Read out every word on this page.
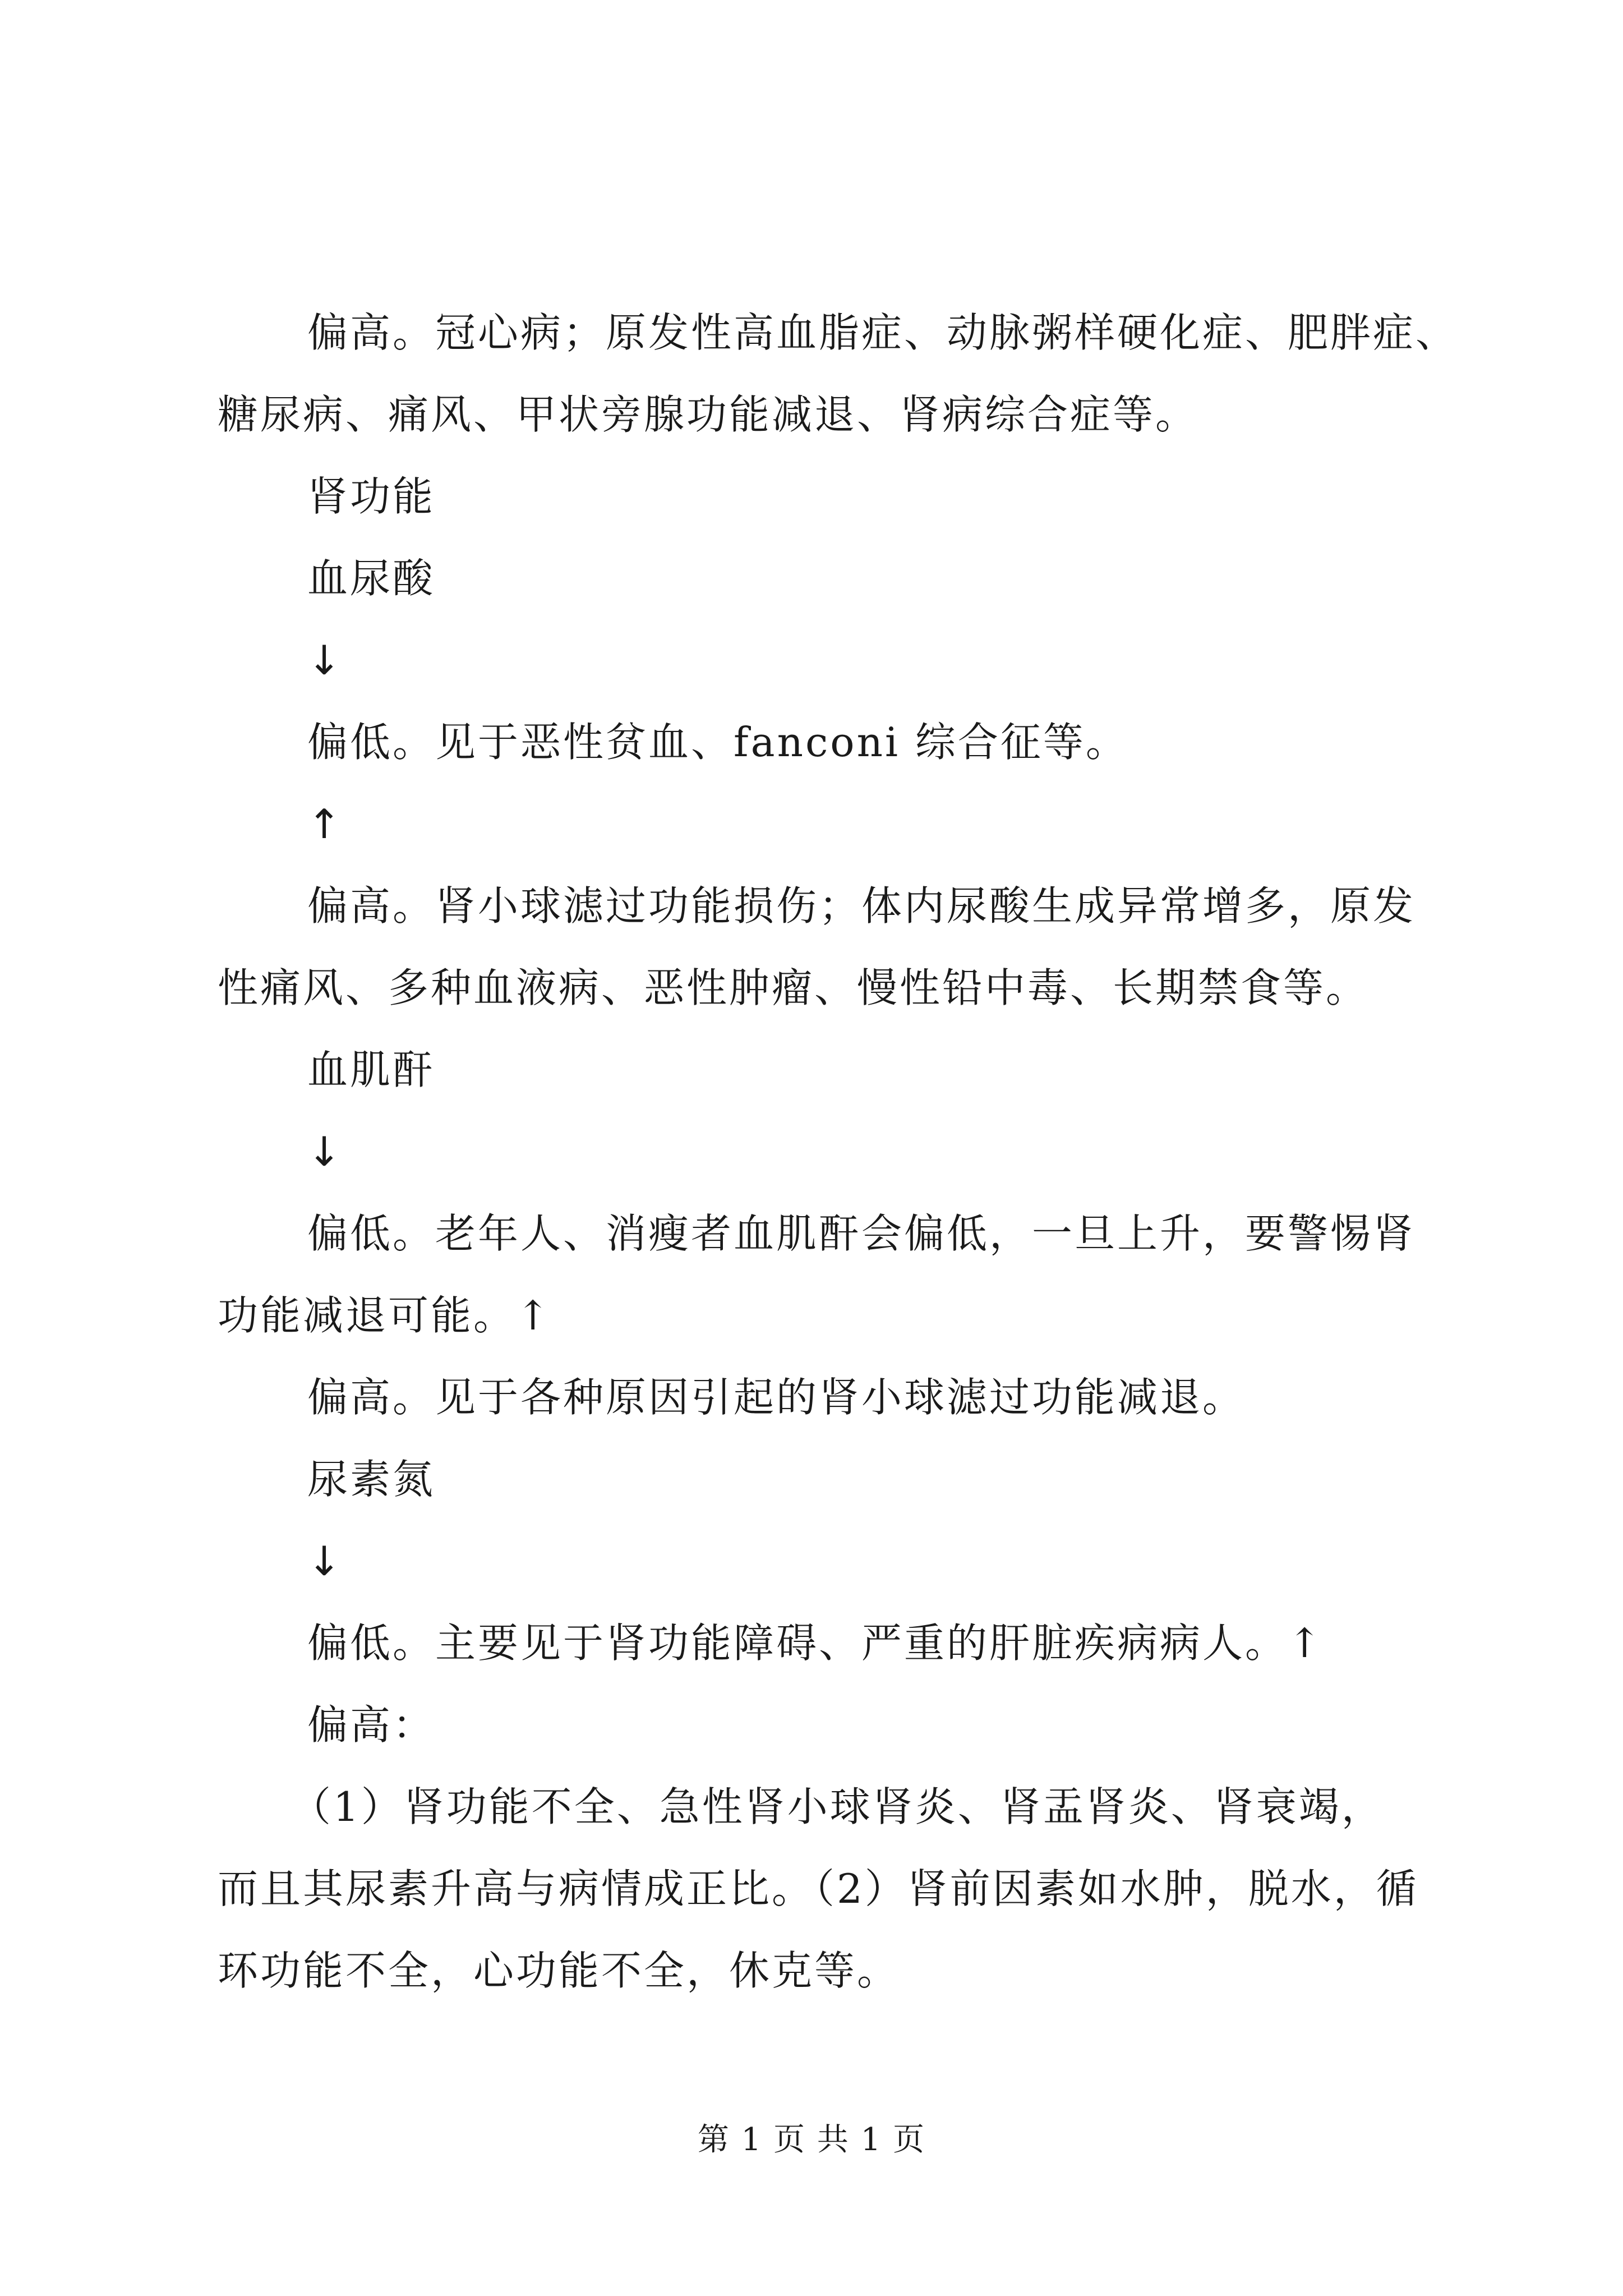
偏高。冠心病；原发性高血脂症、动脉粥样硬化症、肥胖症、
糖尿病、痛风、甲状旁腺功能减退、肾病综合症等。
肾功能
血尿酸
↓
偏低。见于恶性贫血、fanconi 综合征等。
↑
偏高。肾小球滤过功能损伤；体内尿酸生成异常增多，原发
性痛风、多种血液病、恶性肿瘤、慢性铅中毒、长期禁食等。
血肌酐
↓
偏低。老年人、消瘦者血肌酐会偏低，一旦上升，要警惕肾
功能减退可能。↑
偏高。见于各种原因引起的肾小球滤过功能减退。
尿素氮
↓
偏低。主要见于肾功能障碍、严重的肝脏疾病病人。↑
偏高：
（1）肾功能不全、急性肾小球肾炎、肾盂肾炎、肾衰竭，
而且其尿素升高与病情成正比。（2）肾前因素如水肿，脱水，循
环功能不全，心功能不全，休克等。
第 1 页 共 1 页
